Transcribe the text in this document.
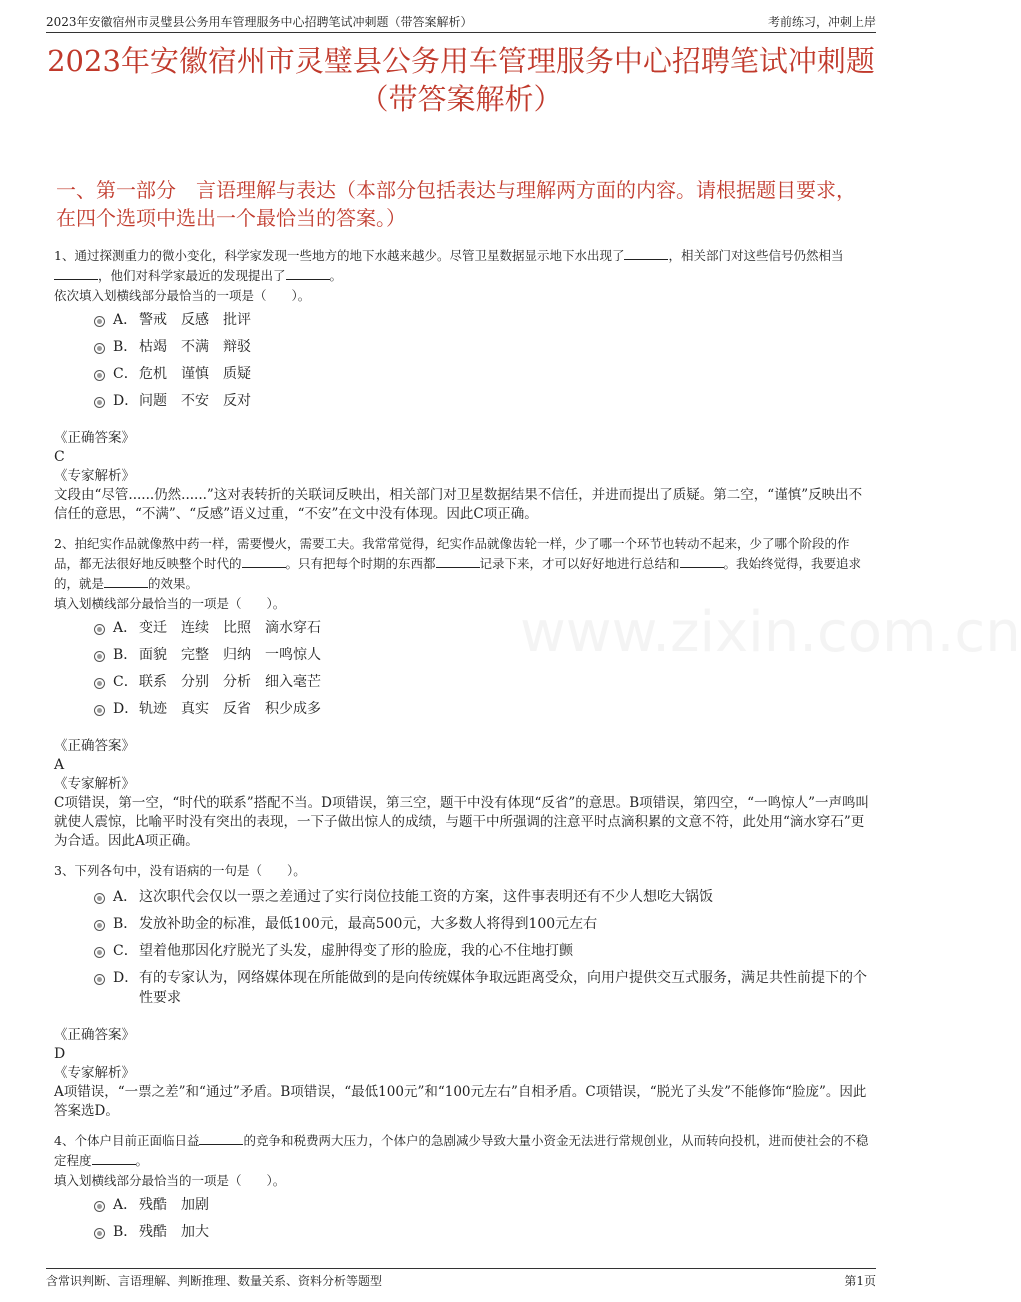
2023年安徽宿州市灵璧县公务用车管理服务中心招聘笔试冲刺题（带答案解析）	考前练习，冲刺上岸
2023年安徽宿州市灵璧县公务用车管理服务中心招聘笔试冲刺题（带答案解析）
一、第一部分　言语理解与表达（本部分包括表达与理解两方面的内容。请根据题目要求，在四个选项中选出一个最恰当的答案。）
www.zixin.com.cn

1、通过探测重力的微小变化，科学家发现一些地方的地下水越来越少。尽管卫星数据显示地下水出现了	，相关部门对这些信号仍然相当，他们对科学家最近的发现提出了	。

依次填入划横线部分最恰当的一项是（　　）。

A． 警戒　反感　批评
B． 枯竭　不满　辩驳
C． 危机　谨慎　质疑
D． 问题　不安　反对
《正确答案》
C
《专家解析》
文段由“尽管......仍然......”这对表转折的关联词反映出，相关部门对卫星数据结果不信任，并进而提出了质疑。第二空，“谨慎”反映出不信任的意思，“不满”、“反感”语义过重，“不安”在文中没有体现。因此C项正确。

2、拍纪实作品就像熬中药一样，需要慢火，需要工夫。我常常觉得，纪实作品就像齿轮一样，少了哪一个环节也转动不起来，少了哪个阶段的作品，都无法很好地反映整个时代的	。只有把每个时期的东西都	记录下来，才可以好好地进行总结和	。我始终觉得，我要追求的，就是	的效果。

填入划横线部分最恰当的一项是（　　）。

A． 变迁　连续　比照　滴水穿石
B． 面貌　完整　归纳　一鸣惊人
C． 联系　分别　分析　细入毫芒
D． 轨迹　真实　反省　积少成多
《正确答案》
A
《专家解析》
C项错误，第一空，“时代的联系”搭配不当。D项错误，第三空，题干中没有体现“反省”的意思。B项错误，第四空，“一鸣惊人”一声鸣叫就使人震惊，比喻平时没有突出的表现，一下子做出惊人的成绩，与题干中所强调的注意平时点滴积累的文意不符，此处用“滴水穿石”更为合适。因此A项正确。

3、下列各句中，没有语病的一句是（　　）。

A． 这次职代会仅以一票之差通过了实行岗位技能工资的方案，这件事表明还有不少人想吃大锅饭
B． 发放补助金的标准，最低100元，最高500元，大多数人将得到100元左右
C． 望着他那因化疗脱光了头发，虚肿得变了形的脸庞，我的心不住地打颤
D． 有的专家认为，网络媒体现在所能做到的是向传统媒体争取远距离受众，向用户提供交互式服务，满足共性前提下的个性要求
《正确答案》
D
《专家解析》
A项错误，“一票之差”和“通过”矛盾。B项错误，“最低100元”和“100元左右”自相矛盾。C项错误，“脱光了头发”不能修饰“脸庞”。因此答案选D。

4、个体户目前正面临日益	的竞争和税费两大压力，个体户的急剧减少导致大量小资金无法进行常规创业，从而转向投机，进而使社会的不稳定程度	。

填入划横线部分最恰当的一项是（　　）。

A． 残酷　加剧
B． 残酷　加大
含常识判断、言语理解、判断推理、数量关系、资料分析等题型	第1页
